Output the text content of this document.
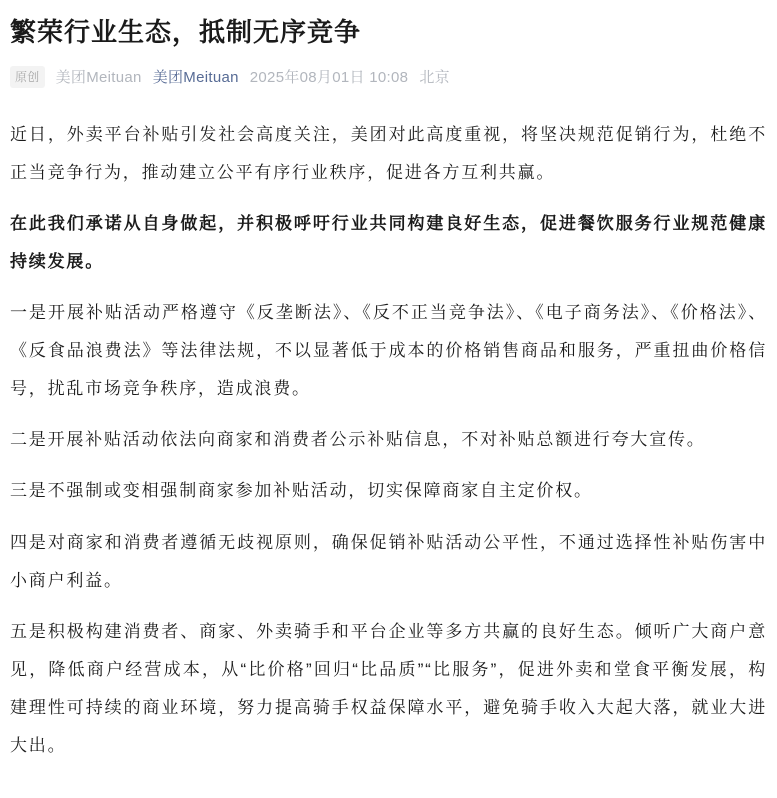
繁荣行业生态，抵制无序竞争
原创	美团Meituan 美团Meituan 2025年08月01日 10:08 北京

近日，外卖平台补贴引发社会高度关注，美团对此高度重视，将坚决规范促销行为，杜绝不正当竞争行为，推动建立公平有序行业秩序，促进各方互利共赢。

在此我们承诺从自身做起，并积极呼吁行业共同构建良好生态，促进餐饮服务行业规范健康持续发展。

一是开展补贴活动严格遵守《反垄断法》、《反不正当竞争法》、《电子商务法》、《价格法》、《反食品浪费法》等法律法规，不以显著低于成本的价格销售商品和服务，严重扭曲价格信号，扰乱市场竞争秩序，造成浪费。

二是开展补贴活动依法向商家和消费者公示补贴信息，不对补贴总额进行夸大宣传。

三是不强制或变相强制商家参加补贴活动，切实保障商家自主定价权。

四是对商家和消费者遵循无歧视原则，确保促销补贴活动公平性，不通过选择性补贴伤害中小商户利益。

五是积极构建消费者、商家、外卖骑手和平台企业等多方共赢的良好生态。倾听广大商户意见，降低商户经营成本，从“比价格”回归“比品质”“比服务”，促进外卖和堂食平衡发展，构建理性可持续的商业环境，努力提高骑手权益保障水平，避免骑手收入大起大落，就业大进大出。
